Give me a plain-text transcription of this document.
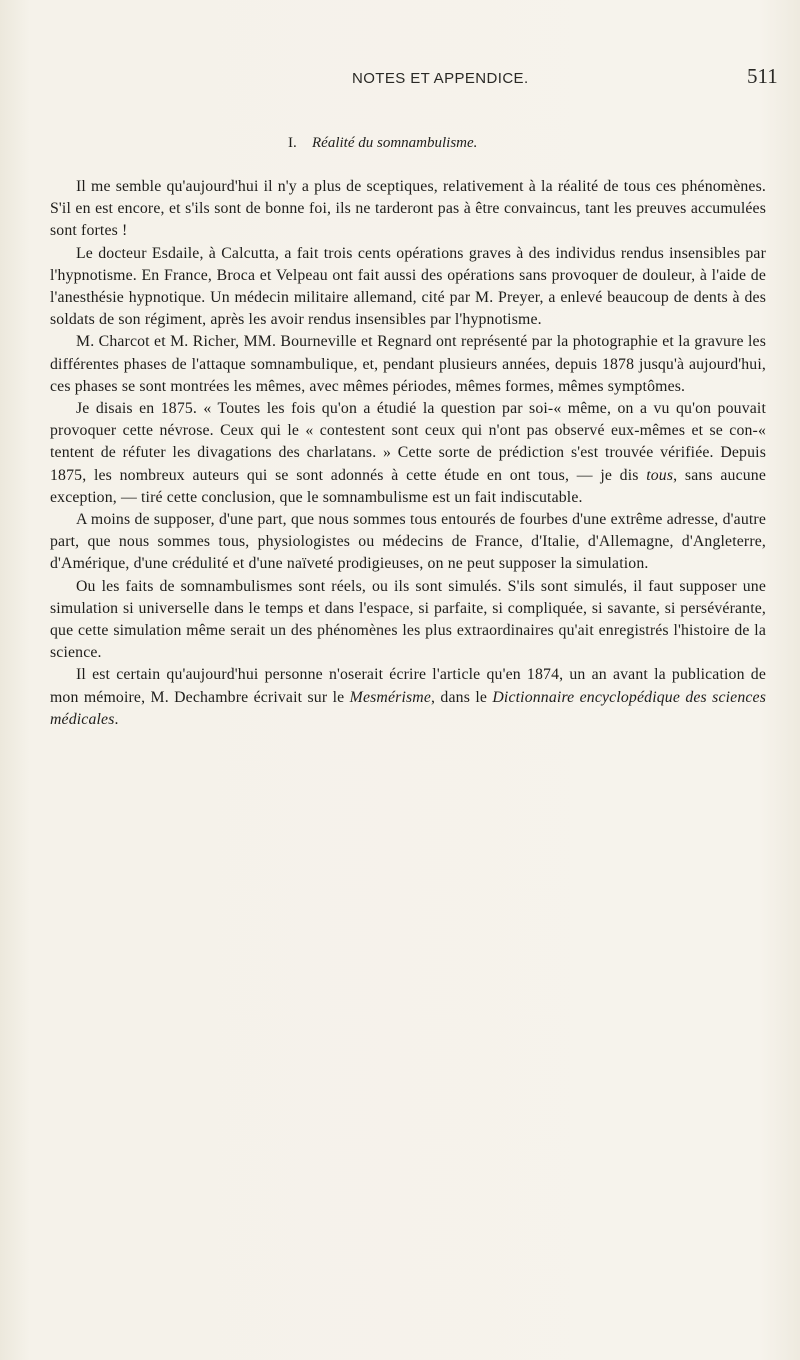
NOTES ET APPENDICE.	511
I. Réalité du somnambulisme.

Il me semble qu'aujourd'hui il n'y a plus de sceptiques, relativement à la réalité de tous ces phénomènes. S'il en est encore, et s'ils sont de bonne foi, ils ne tarderont pas à être convaincus, tant les preuves accumulées sont fortes !

Le docteur Esdaile, à Calcutta, a fait trois cents opérations graves à des individus rendus insensibles par l'hypnotisme. En France, Broca et Velpeau ont fait aussi des opérations sans provoquer de douleur, à l'aide de l'anesthésie hypnotique. Un médecin militaire allemand, cité par M. Preyer, a enlevé beaucoup de dents à des soldats de son régiment, après les avoir rendus insensibles par l'hypnotisme.

M. Charcot et M. Richer, MM. Bourneville et Regnard ont représenté par la photographie et la gravure les différentes phases de l'attaque somnambulique, et, pendant plusieurs années, depuis 1878 jusqu'à aujourd'hui, ces phases se sont montrées les mêmes, avec mêmes périodes, mêmes formes, mêmes symptômes.

Je disais en 1875. « Toutes les fois qu'on a étudié la question par soi-« même, on a vu qu'on pouvait provoquer cette névrose. Ceux qui le « contestent sont ceux qui n'ont pas observé eux-mêmes et se con-« tentent de réfuter les divagations des charlatans. » Cette sorte de prédiction s'est trouvée vérifiée. Depuis 1875, les nombreux auteurs qui se sont adonnés à cette étude en ont tous, — je dis tous, sans aucune exception, — tiré cette conclusion, que le somnambulisme est un fait indiscutable.

A moins de supposer, d'une part, que nous sommes tous entourés de fourbes d'une extrême adresse, d'autre part, que nous sommes tous, physiologistes ou médecins de France, d'Italie, d'Allemagne, d'Angleterre, d'Amérique, d'une crédulité et d'une naïveté prodigieuses, on ne peut supposer la simulation.

Ou les faits de somnambulismes sont réels, ou ils sont simulés. S'ils sont simulés, il faut supposer une simulation si universelle dans le temps et dans l'espace, si parfaite, si compliquée, si savante, si persévérante, que cette simulation même serait un des phénomènes les plus extraordinaires qu'ait enregistrés l'histoire de la science.

Il est certain qu'aujourd'hui personne n'oserait écrire l'article qu'en 1874, un an avant la publication de mon mémoire, M. Dechambre écrivait sur le Mesmérisme, dans le Dictionnaire encyclopédique des sciences médicales.
